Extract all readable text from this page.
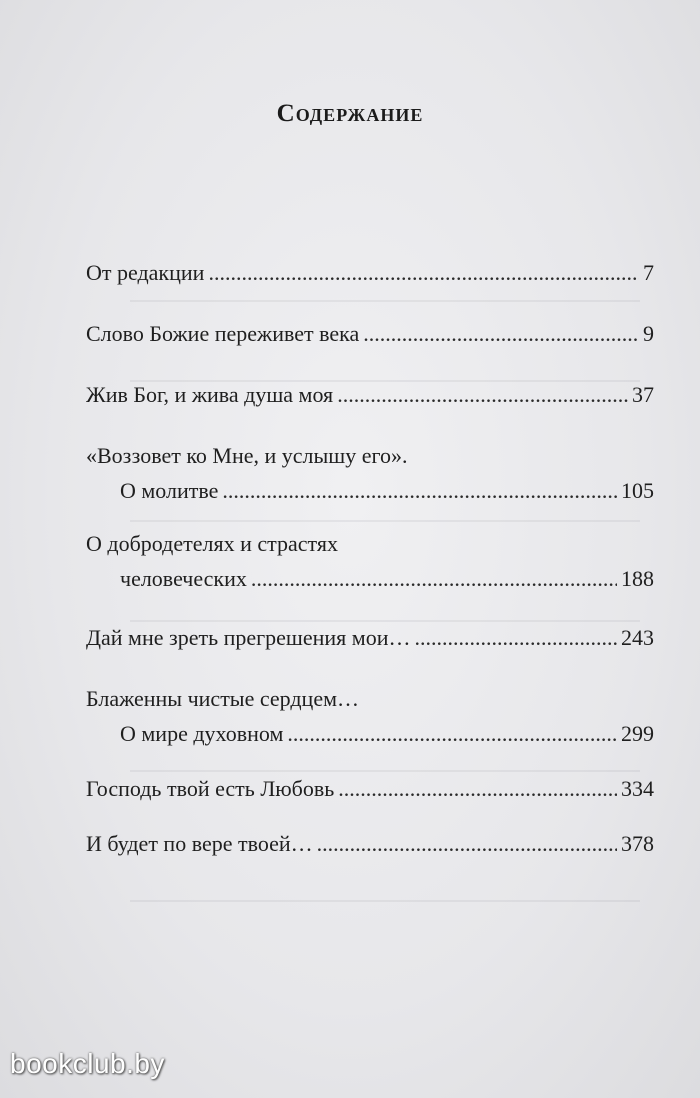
Содержание
От редакции .....	7
Слово Божие переживет века .....	9
Жив Бог, и жива душа моя .....	37
«Воззовет ко Мне, и услышу его».
О молитве .....	105
О добродетелях и страстях
человеческих .....	188
Дай мне зреть прегрешения мои… .....	243
Блаженны чистые сердцем…
О мире духовном .....	299
Господь твой есть Любовь .....	334
И будет по вере твоей… .....	378
bookclub.by
